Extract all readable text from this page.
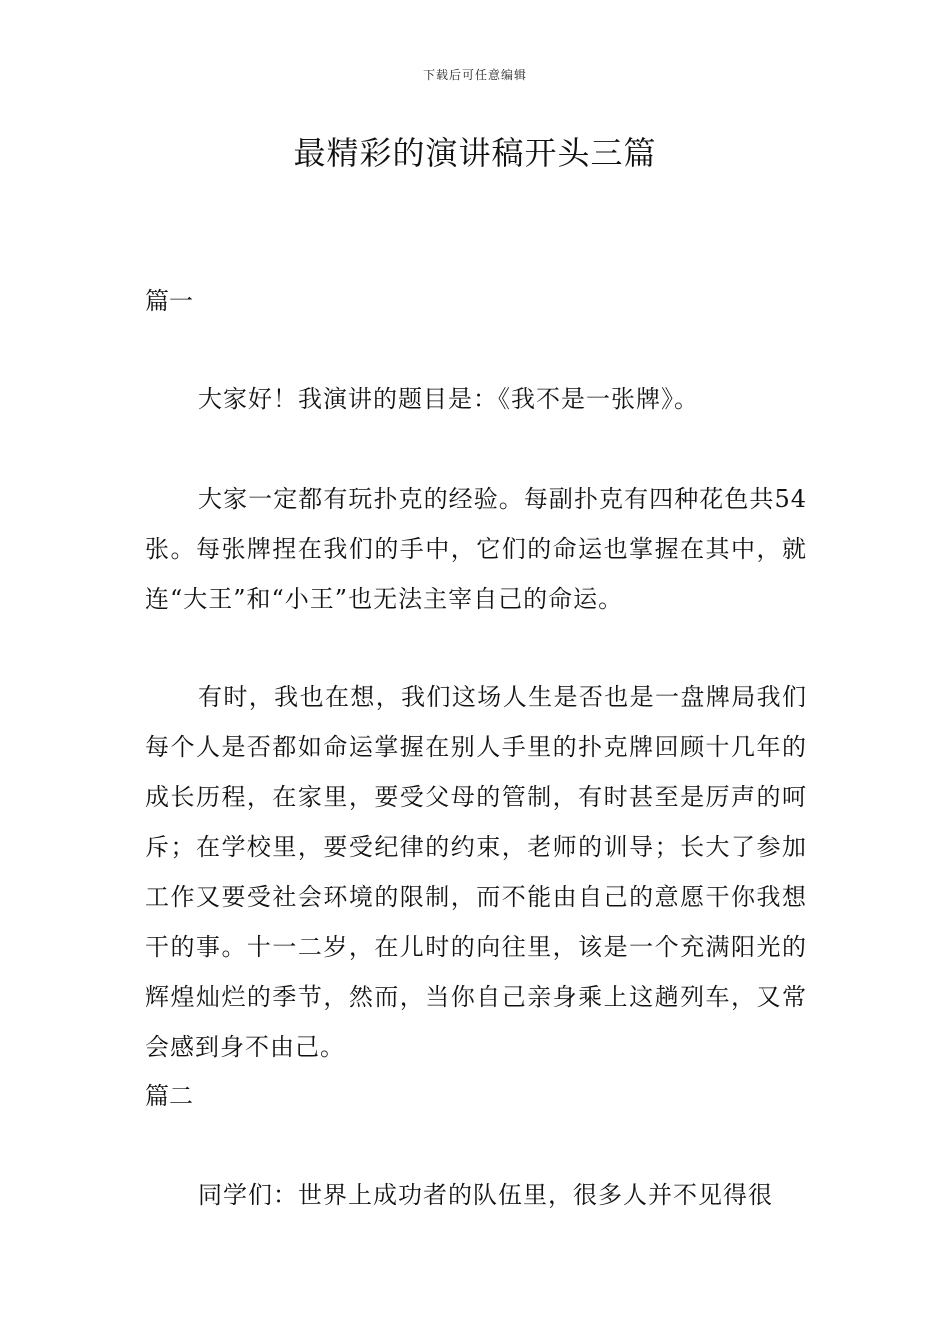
下载后可任意编辑
最精彩的演讲稿开头三篇
篇一
大家好！我演讲的题目是：《我不是一张牌》。
大家一定都有玩扑克的经验。每副扑克有四种花色共54张。每张牌捏在我们的手中，它们的命运也掌握在其中，就连“大王”和“小王”也无法主宰自己的命运。
有时，我也在想，我们这场人生是否也是一盘牌局我们每个人是否都如命运掌握在别人手里的扑克牌回顾十几年的成长历程，在家里，要受父母的管制，有时甚至是厉声的呵斥；在学校里，要受纪律的约束，老师的训导；长大了参加工作又要受社会环境的限制，而不能由自己的意愿干你我想干的事。十一二岁，在儿时的向往里，该是一个充满阳光的辉煌灿烂的季节，然而，当你自己亲身乘上这趟列车，又常会感到身不由己。
篇二
同学们：世界上成功者的队伍里，很多人并不见得很
